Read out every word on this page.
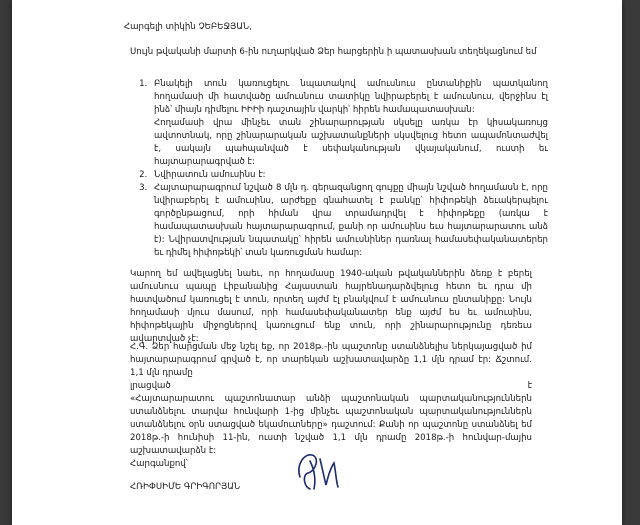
Հարգելի տիկին ՉԵԲԵՋՅԱՆ,
Սույն թվականի մարտի 6-ին ուղարկված Ձեր հարցերին ի պատասխան տեղեկացնում եմ
1. Բնակելի տուն կառուցելու նպատակով ամուսնուս ընտանիքին պատկանող հողամասի մի հատվածը ամուսնուս տատիկը նվիրաբերել է ամուսնուս, վերջինս էլ ինձ՝ միայն դիմելու ԻԻԻի դաշտային վարկի՝ հիրեն համապատասխան:
Հողամասի վրա մինչեւ տան շինարարության սկսելը առկա էր կիսակառույց ավտոտնակ, որը շինարարական աշխատանքների սկսվելուց հետո ապամոնտաժվել է, սակայն պահպանված է սեփականության վկայականում, ուստի եւ հայտարարագրված է:
2. Նվիրատուն ամուսինս է:
3. Հայտարարագրում նշված 8 մլն դ. գերազանցող գույքը միայն նշված հողամասն է, որը նվիրաբերել է ամուսինս, արժեքը գնահատել է բանկը՝ հիփոթեկի ձեւակերպելու գործընթացում, որի հիման վրա տրամադրվել է հիփոթեքը (առկա է համապատասխան հայտարարագրում, քանի որ ամուսինս եւս հայտարարատու անձ է): Նվիրատվության նպատակը՝ հիրեն ամուսնիներ դառնալ համասեփականատերեր եւ դիմել հիփոթեկի՝ տան կառուցման համար:
Կարող եմ ավելացնել նաեւ, որ հողամասը 1940-ական թվականներին ձեռք է բերել ամուսնուս պապը Լիբանանից Հայաստան հայրենադարձվելուց հետո եւ դրա մի հատվածում կառուցել է տուն, որտեղ այժմ էլ բնակվում է ամուսնուս ընտանիքը: Նույն հողամասի մյուս մասում, որի համասեփականատեր ենք այժմ ես եւ ամուսինս, հիփոթեկային միջոցներով կառուցում ենք տուն, որի շինարարությունը դեռեւս ավարտված չէ:
Հ.Գ. Ձեր հարցման մեջ նշել եք, որ 2018թ.-ին պաշտոնը ստանձնելիս ներկայացված իմ հայտարարագրում գրված է, որ տարեկան աշխատավարձը 1,1 մլն դրամ էր: Ճշտում. 1,1 մլն դրամը
լրացված	է
«Հայտարարատու պաշտոնատար անձի պաշտոնական պարտականություններն ստանձնելու տարվա հունվարի 1-ից մինչեւ պաշտոնական պարտականություններն ստանձնելու օրն ստացված եկամուտները» դաշտում: Քանի որ պաշտոնը ստանձնել եմ 2018թ.-ի հունիսի 11-ին, ուստի նշված 1,1 մլն դրամը 2018թ.-ի հունվար-մայիս աշխատավարձն է:
Հարգանքով՝
ՀՌԻՓՍԻՄԵ ԳՐԻԳՈՐՅԱՆ
